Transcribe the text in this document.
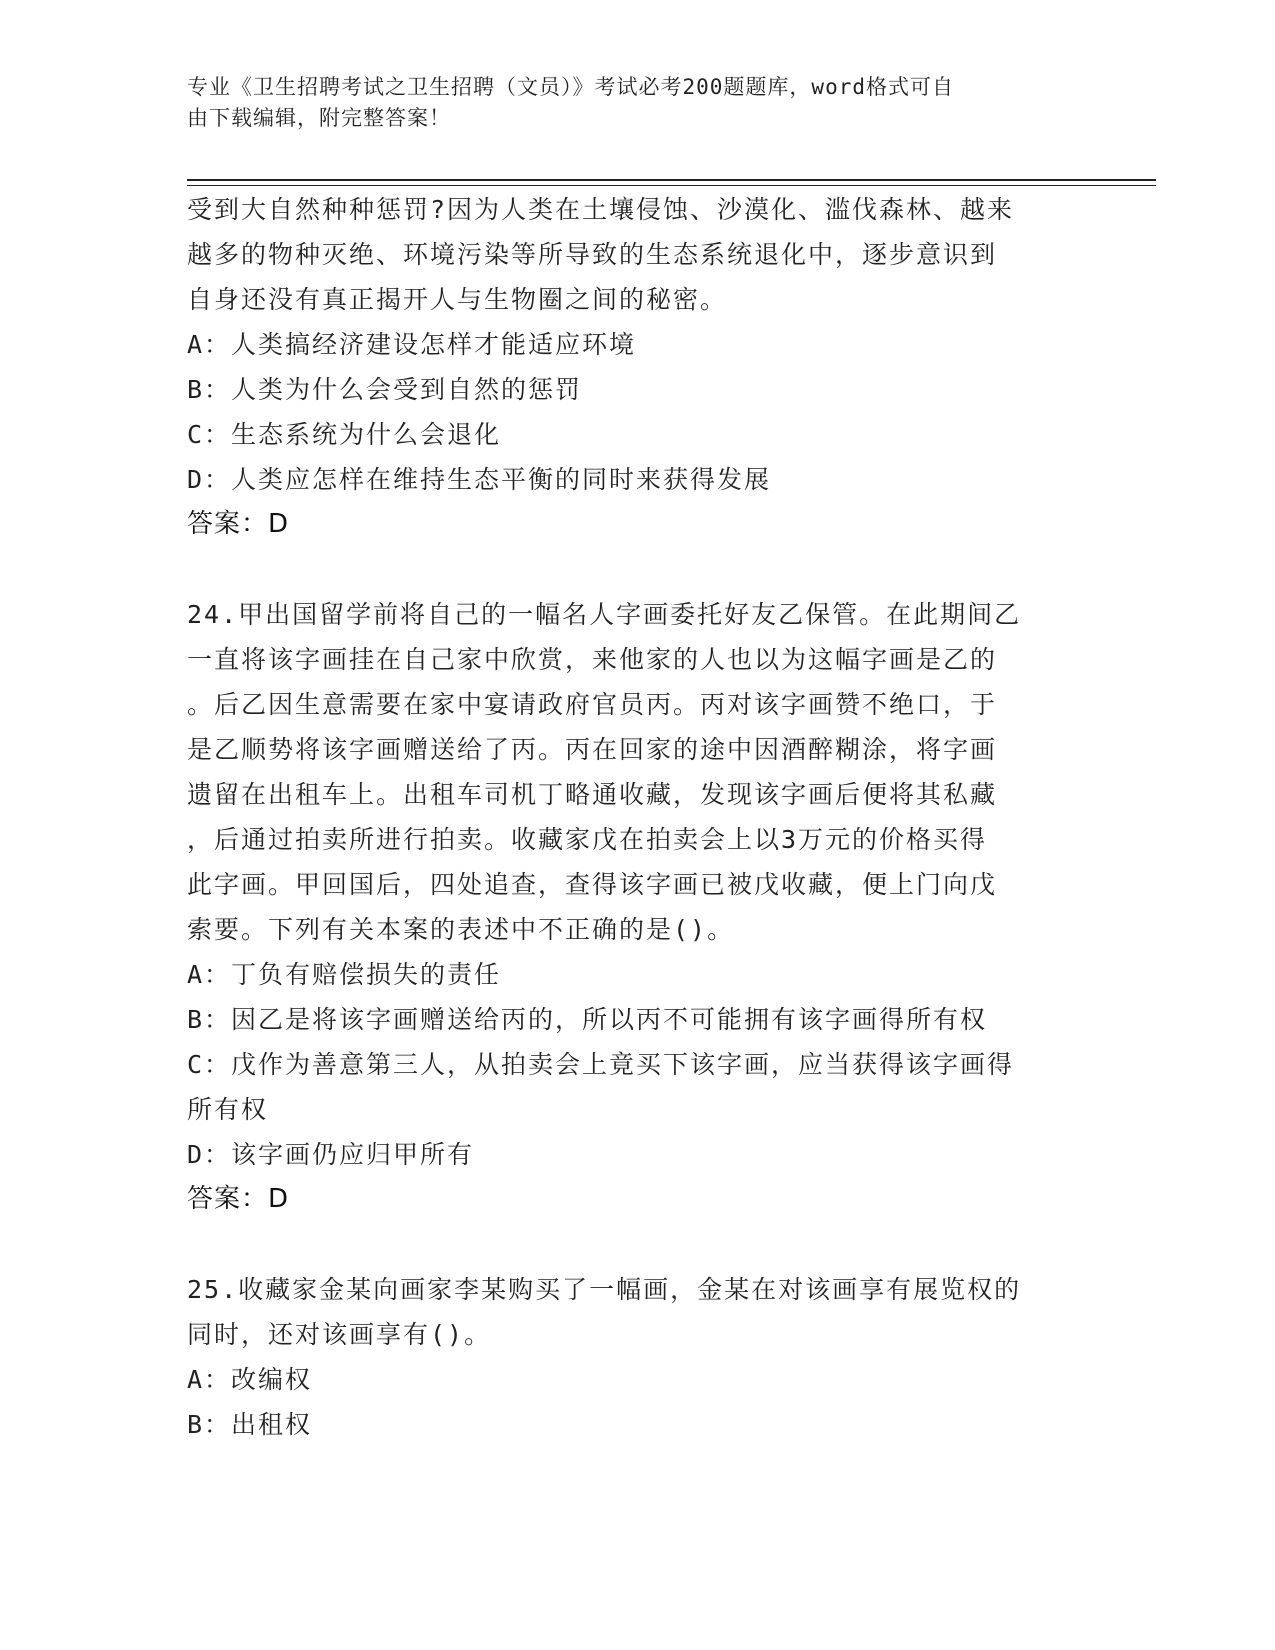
专业《卫生招聘考试之卫生招聘（文员）》考试必考200题题库，word格式可自
由下载编辑，附完整答案！
受到大自然种种惩罚?因为人类在土壤侵蚀、沙漠化、滥伐森林、越来
越多的物种灭绝、环境污染等所导致的生态系统退化中，逐步意识到
自身还没有真正揭开人与生物圈之间的秘密。
A：人类搞经济建设怎样才能适应环境
B：人类为什么会受到自然的惩罚
C：生态系统为什么会退化
D：人类应怎样在维持生态平衡的同时来获得发展
答案：D
24.甲出国留学前将自己的一幅名人字画委托好友乙保管。在此期间乙
一直将该字画挂在自己家中欣赏，来他家的人也以为这幅字画是乙的
。后乙因生意需要在家中宴请政府官员丙。丙对该字画赞不绝口，于
是乙顺势将该字画赠送给了丙。丙在回家的途中因酒醉糊涂，将字画
遗留在出租车上。出租车司机丁略通收藏，发现该字画后便将其私藏
，后通过拍卖所进行拍卖。收藏家戊在拍卖会上以3万元的价格买得
此字画。甲回国后，四处追查，查得该字画已被戊收藏，便上门向戊
索要。下列有关本案的表述中不正确的是()。
A：丁负有赔偿损失的责任
B：因乙是将该字画赠送给丙的，所以丙不可能拥有该字画得所有权
C：戊作为善意第三人，从拍卖会上竟买下该字画，应当获得该字画得
所有权
D：该字画仍应归甲所有
答案：D
25.收藏家金某向画家李某购买了一幅画，金某在对该画享有展览权的
同时，还对该画享有()。
A：改编权
B：出租权
